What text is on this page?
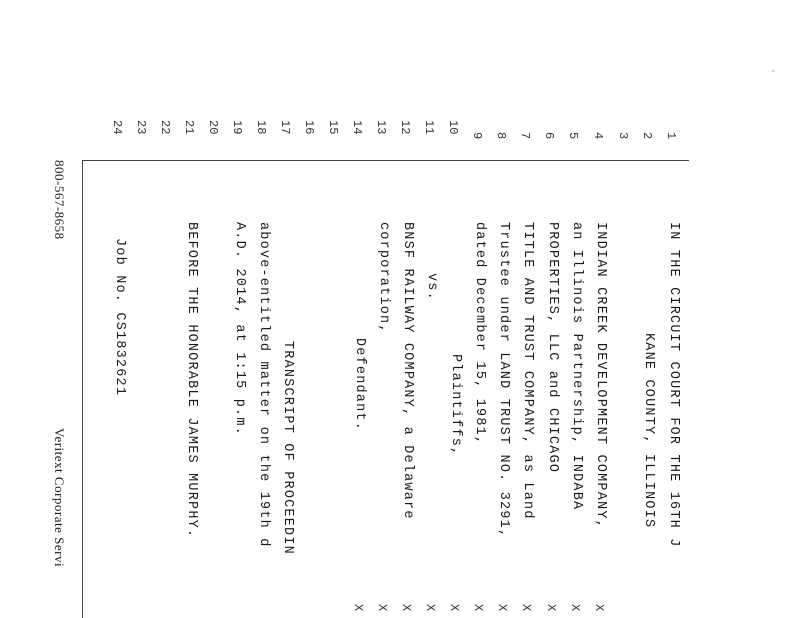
1
2
3
4
5
6
7
8
9
10
11
12
13
14
15
16
17
18
19
20
21
22
23
24
IN THE CIRCUIT COURT FOR THE 16TH J
KANE COUNTY, ILLINOIS
INDIAN CREEK DEVELOPMENT COMPANY,
an Illinois Partnership, INDABA
PROPERTIES, LLC and CHICAGO
TITLE AND TRUST COMPANY, as Land
Trustee under LAND TRUST NO. 3291,
dated December 15, 1981,
Plaintiffs,
vs.
BNSF RAILWAY COMPANY, a Delaware
corporation,
Defendant.
TRANSCRIPT OF PROCEEDIN
above-entitled matter on the 19th d
A.D. 2014, at 1:15 p.m.
BEFORE THE HONORABLE JAMES MURPHY.
Job No. CS1832621
X
X
X
X
X
X
X
X
X
X
X
800-567-8658
Veritext Corporate Servi
